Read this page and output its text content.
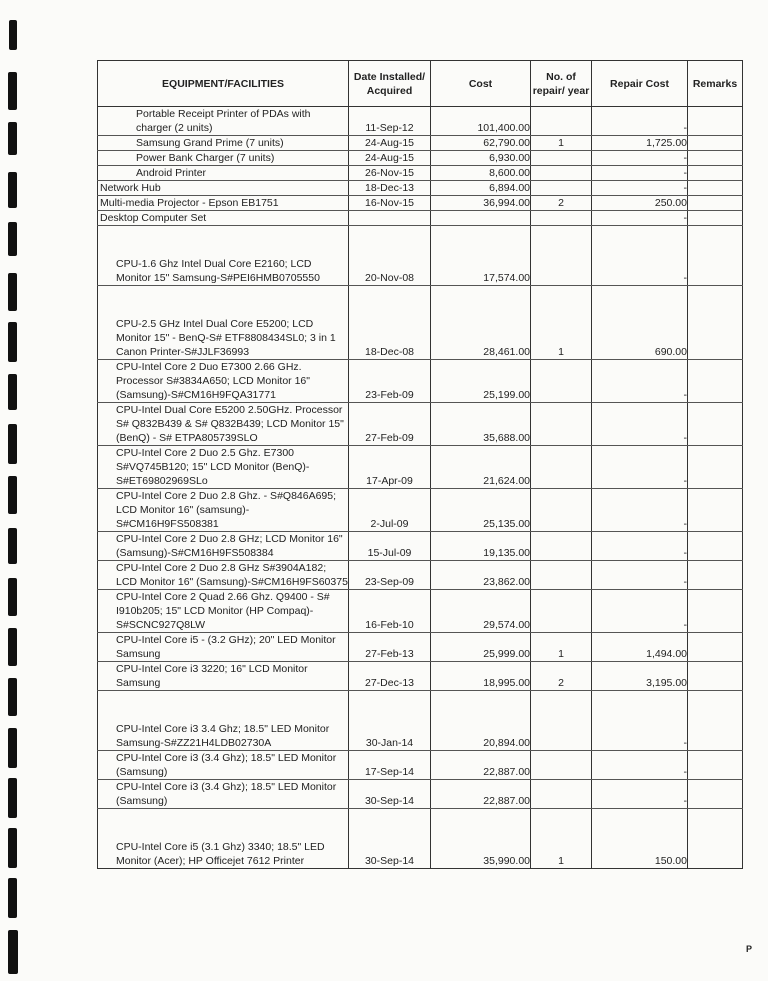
EQUIPMENT/FACILITIES	Date Installed/ Acquired	Cost	No. of repair/ year	Repair Cost	Remarks
Portable Receipt Printer of PDAs with charger (2 units)	11-Sep-12	101,400.00		-	
Samsung Grand Prime (7 units)	24-Aug-15	62,790.00	1	1,725.00	
Power Bank Charger (7 units)	24-Aug-15	6,930.00		-	
Android Printer	26-Nov-15	8,600.00		-	
Network Hub	18-Dec-13	6,894.00		-	
Multi-media Projector - Epson EB1751	16-Nov-15	36,994.00	2	250.00	
Desktop Computer Set				-	

CPU-1.6 Ghz Intel Dual Core E2160; LCD Monitor 15" Samsung-S#PEI6HMB0705550	20-Nov-08	17,574.00		-	

CPU-2.5 GHz Intel Dual Core E5200; LCD Monitor 15" - BenQ-S# ETF8808434SL0; 3 in 1 Canon Printer-S#JJLF36993	18-Dec-08	28,461.00	1	690.00	
CPU-Intel Core 2 Duo E7300 2.66 GHz. Processor S#3834A650; LCD Monitor 16" (Samsung)-S#CM16H9FQA31771	23-Feb-09	25,199.00		-	
CPU-Intel Dual Core E5200 2.50GHz. Processor S# Q832B439 & S# Q832B439; LCD Monitor 15" (BenQ) - S# ETPA805739SLO	27-Feb-09	35,688.00		-	
CPU-Intel Core 2 Duo 2.5 Ghz. E7300 S#VQ745B120; 15" LCD Monitor (BenQ)-S#ET69802969SLo	17-Apr-09	21,624.00		-	
CPU-Intel Core 2 Duo 2.8 Ghz. - S#Q846A695; LCD Monitor 16" (samsung)-S#CM16H9FS508381	2-Jul-09	25,135.00		-	
CPU-Intel Core 2 Duo 2.8 GHz; LCD Monitor 16" (Samsung)-S#CM16H9FS508384	15-Jul-09	19,135.00		-	
CPU-Intel Core 2 Duo 2.8 GHz S#3904A182; LCD Monitor 16" (Samsung)-S#CM16H9FS60375	23-Sep-09	23,862.00		-	
CPU-Intel Core 2 Quad 2.66 Ghz. Q9400 - S# I910b205; 15" LCD Monitor (HP Compaq)-S#SCNC927Q8LW	16-Feb-10	29,574.00		-	
CPU-Intel Core i5 - (3.2 GHz); 20" LED Monitor Samsung	27-Feb-13	25,999.00	1	1,494.00	
CPU-Intel Core i3 3220; 16" LCD Monitor Samsung	27-Dec-13	18,995.00	2	3,195.00	

CPU-Intel Core i3 3.4 Ghz; 18.5" LED Monitor Samsung-S#ZZ21H4LDB02730A	30-Jan-14	20,894.00		-	
CPU-Intel Core i3 (3.4 Ghz); 18.5" LED Monitor (Samsung)	17-Sep-14	22,887.00		-	
CPU-Intel Core i3 (3.4 Ghz); 18.5" LED Monitor (Samsung)	30-Sep-14	22,887.00		-	

CPU-Intel Core i5 (3.1 Ghz) 3340; 18.5" LED Monitor (Acer); HP Officejet 7612 Printer	30-Sep-14	35,990.00	1	150.00	
P
